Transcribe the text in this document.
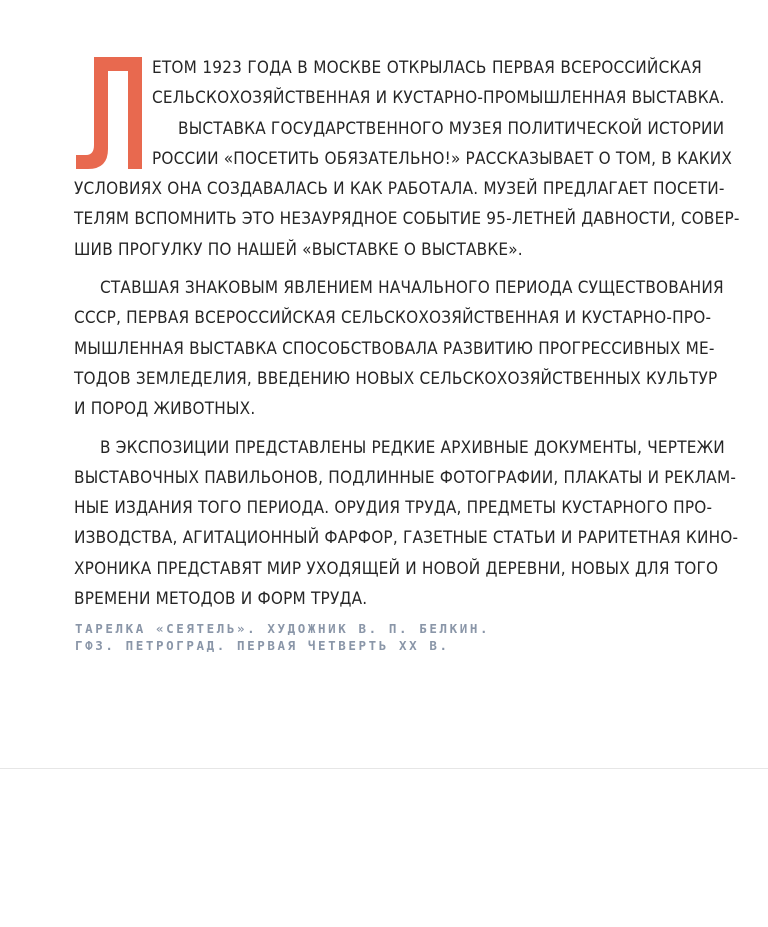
ЕТОМ 1923 ГОДА В МОСКВЕ ОТКРЫЛАСЬ ПЕРВАЯ ВСЕРОССИЙСКАЯ
СЕЛЬСКОХОЗЯЙСТВЕННАЯ И КУСТАРНО-ПРОМЫШЛЕННАЯ ВЫСТАВКА.
ВЫСТАВКА ГОСУДАРСТВЕННОГО МУЗЕЯ ПОЛИТИЧЕСКОЙ ИСТОРИИ
РОССИИ «ПОСЕТИТЬ ОБЯЗАТЕЛЬНО!» РАССКАЗЫВАЕТ О ТОМ, В КАКИХ
УСЛОВИЯХ ОНА СОЗДАВАЛАСЬ И КАК РАБОТАЛА. МУЗЕЙ ПРЕДЛАГАЕТ ПОСЕТИ-
ТЕЛЯМ ВСПОМНИТЬ ЭТО НЕЗАУРЯДНОЕ СОБЫТИЕ 95-ЛЕТНЕЙ ДАВНОСТИ, СОВЕР-
ШИВ ПРОГУЛКУ ПО НАШЕЙ «ВЫСТАВКЕ О ВЫСТАВКЕ».
СТАВШАЯ ЗНАКОВЫМ ЯВЛЕНИЕМ НАЧАЛЬНОГО ПЕРИОДА СУЩЕСТВОВАНИЯ
СССР, ПЕРВАЯ ВСЕРОССИЙСКАЯ СЕЛЬСКОХОЗЯЙСТВЕННАЯ И КУСТАРНО-ПРО-
МЫШЛЕННАЯ ВЫСТАВКА СПОСОБСТВОВАЛА РАЗВИТИЮ ПРОГРЕССИВНЫХ МЕ-
ТОДОВ ЗЕМЛЕДЕЛИЯ, ВВЕДЕНИЮ НОВЫХ СЕЛЬСКОХОЗЯЙСТВЕННЫХ КУЛЬТУР
И ПОРОД ЖИВОТНЫХ.
В ЭКСПОЗИЦИИ ПРЕДСТАВЛЕНЫ РЕДКИЕ АРХИВНЫЕ ДОКУМЕНТЫ, ЧЕРТЕЖИ
ВЫСТАВОЧНЫХ ПАВИЛЬОНОВ, ПОДЛИННЫЕ ФОТОГРАФИИ, ПЛАКАТЫ И РЕКЛАМ-
НЫЕ ИЗДАНИЯ ТОГО ПЕРИОДА. ОРУДИЯ ТРУДА, ПРЕДМЕТЫ КУСТАРНОГО ПРО-
ИЗВОДСТВА, АГИТАЦИОННЫЙ ФАРФОР, ГАЗЕТНЫЕ СТАТЬИ И РАРИТЕТНАЯ КИНО-
ХРОНИКА ПРЕДСТАВЯТ МИР УХОДЯЩЕЙ И НОВОЙ ДЕРЕВНИ, НОВЫХ ДЛЯ ТОГО
ВРЕМЕНИ МЕТОДОВ И ФОРМ ТРУДА.
ТАРЕЛКА «СЕЯТЕЛЬ». ХУДОЖНИК В. П. БЕЛКИН.
ГФЗ. ПЕТРОГРАД. ПЕРВАЯ ЧЕТВЕРТЬ XX В.
